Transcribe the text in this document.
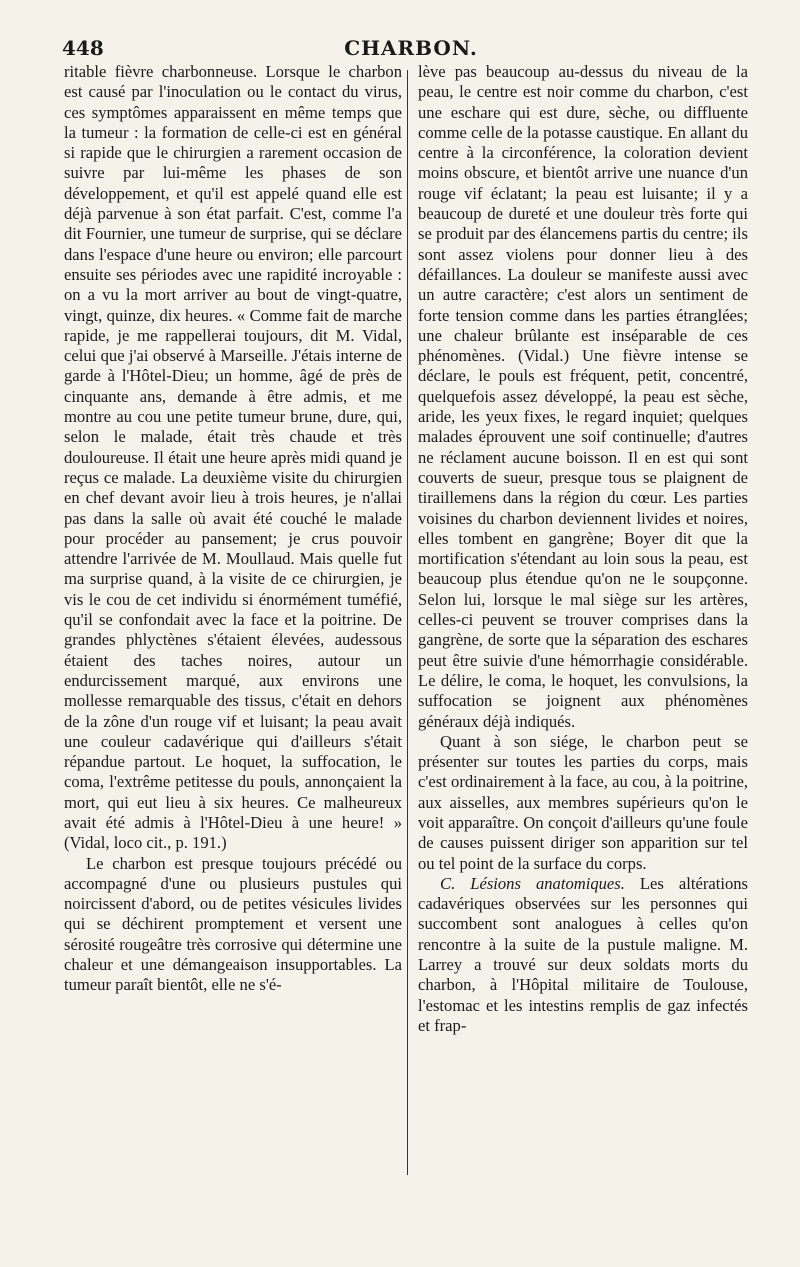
448	CHARBON.

ritable fièvre charbonneuse. Lorsque le charbon est causé par l'inoculation ou le contact du virus, ces symptômes apparaissent en même temps que la tumeur : la formation de celle-ci est en général si rapide que le chirurgien a rarement occasion de suivre par lui-même les phases de son développement, et qu'il est appelé quand elle est déjà parvenue à son état parfait. C'est, comme l'a dit Fournier, une tumeur de surprise, qui se déclare dans l'espace d'une heure ou environ; elle parcourt ensuite ses périodes avec une rapidité incroyable : on a vu la mort arriver au bout de vingt-quatre, vingt, quinze, dix heures. « Comme fait de marche rapide, je me rappellerai toujours, dit M. Vidal, celui que j'ai observé à Marseille. J'étais interne de garde à l'Hôtel-Dieu; un homme, âgé de près de cinquante ans, demande à être admis, et me montre au cou une petite tumeur brune, dure, qui, selon le malade, était très chaude et très douloureuse. Il était une heure après midi quand je reçus ce malade. La deuxième visite du chirurgien en chef devant avoir lieu à trois heures, je n'allai pas dans la salle où avait été couché le malade pour procéder au pansement; je crus pouvoir attendre l'arrivée de M. Moullaud. Mais quelle fut ma surprise quand, à la visite de ce chirurgien, je vis le cou de cet individu si énormément tuméfié, qu'il se confondait avec la face et la poitrine. De grandes phlyctènes s'étaient élevées, audessous étaient des taches noires, autour un endurcissement marqué, aux environs une mollesse remarquable des tissus, c'était en dehors de la zône d'un rouge vif et luisant; la peau avait une couleur cadavérique qui d'ailleurs s'était répandue partout. Le hoquet, la suffocation, le coma, l'extrême petitesse du pouls, annonçaient la mort, qui eut lieu à six heures. Ce malheureux avait été admis à l'Hôtel-Dieu à une heure! » (Vidal, loco cit., p. 191.)

Le charbon est presque toujours précédé ou accompagné d'une ou plusieurs pustules qui noircissent d'abord, ou de petites vésicules livides qui se déchirent promptement et versent une sérosité rougeâtre très corrosive qui détermine une chaleur et une démangeaison insupportables. La tumeur paraît bientôt, elle ne s'é-

lève pas beaucoup au-dessus du niveau de la peau, le centre est noir comme du charbon, c'est une eschare qui est dure, sèche, ou diffluente comme celle de la potasse caustique. En allant du centre à la circonférence, la coloration devient moins obscure, et bientôt arrive une nuance d'un rouge vif éclatant; la peau est luisante; il y a beaucoup de dureté et une douleur très forte qui se produit par des élancemens partis du centre; ils sont assez violens pour donner lieu à des défaillances. La douleur se manifeste aussi avec un autre caractère; c'est alors un sentiment de forte tension comme dans les parties étranglées; une chaleur brûlante est inséparable de ces phénomènes. (Vidal.) Une fièvre intense se déclare, le pouls est fréquent, petit, concentré, quelquefois assez développé, la peau est sèche, aride, les yeux fixes, le regard inquiet; quelques malades éprouvent une soif continuelle; d'autres ne réclament aucune boisson. Il en est qui sont couverts de sueur, presque tous se plaignent de tiraillemens dans la région du cœur. Les parties voisines du charbon deviennent livides et noires, elles tombent en gangrène; Boyer dit que la mortification s'étendant au loin sous la peau, est beaucoup plus étendue qu'on ne le soupçonne. Selon lui, lorsque le mal siège sur les artères, celles-ci peuvent se trouver comprises dans la gangrène, de sorte que la séparation des eschares peut être suivie d'une hémorrhagie considérable. Le délire, le coma, le hoquet, les convulsions, la suffocation se joignent aux phénomènes généraux déjà indiqués.

Quant à son siége, le charbon peut se présenter sur toutes les parties du corps, mais c'est ordinairement à la face, au cou, à la poitrine, aux aisselles, aux membres supérieurs qu'on le voit apparaître. On conçoit d'ailleurs qu'une foule de causes puissent diriger son apparition sur tel ou tel point de la surface du corps.

C. Lésions anatomiques. Les altérations cadavériques observées sur les personnes qui succombent sont analogues à celles qu'on rencontre à la suite de la pustule maligne. M. Larrey a trouvé sur deux soldats morts du charbon, à l'Hôpital militaire de Toulouse, l'estomac et les intestins remplis de gaz infectés et frap-
